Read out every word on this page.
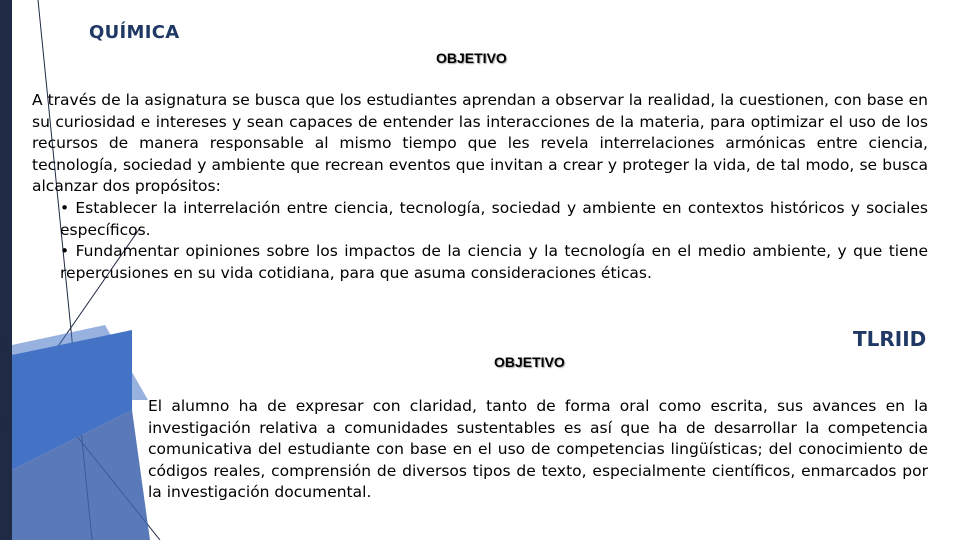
QUÍMICA
OBJETIVO
A través de la asignatura se busca que los estudiantes aprendan a observar la realidad, la cuestionen, con base en su curiosidad e intereses y sean capaces de entender las interacciones de la materia, para optimizar el uso de los recursos de manera responsable al mismo tiempo que les revela interrelaciones armónicas entre ciencia, tecnología, sociedad y ambiente que recrean eventos que invitan a crear y proteger la vida, de tal modo, se busca alcanzar dos propósitos:
• Establecer la interrelación entre ciencia, tecnología, sociedad y ambiente en contextos históricos y sociales específicos.
• Fundamentar opiniones sobre los impactos de la ciencia y la tecnología en el medio ambiente, y que tiene repercusiones en su vida cotidiana, para que asuma consideraciones éticas.
TLRIID
OBJETIVO
El alumno ha de expresar con claridad, tanto de forma oral como escrita, sus avances en la investigación relativa a comunidades sustentables es así que ha de desarrollar la competencia comunicativa del estudiante con base en el uso de competencias lingüísticas; del conocimiento de códigos reales, comprensión de diversos tipos de texto, especialmente científicos, enmarcados por la investigación documental.
